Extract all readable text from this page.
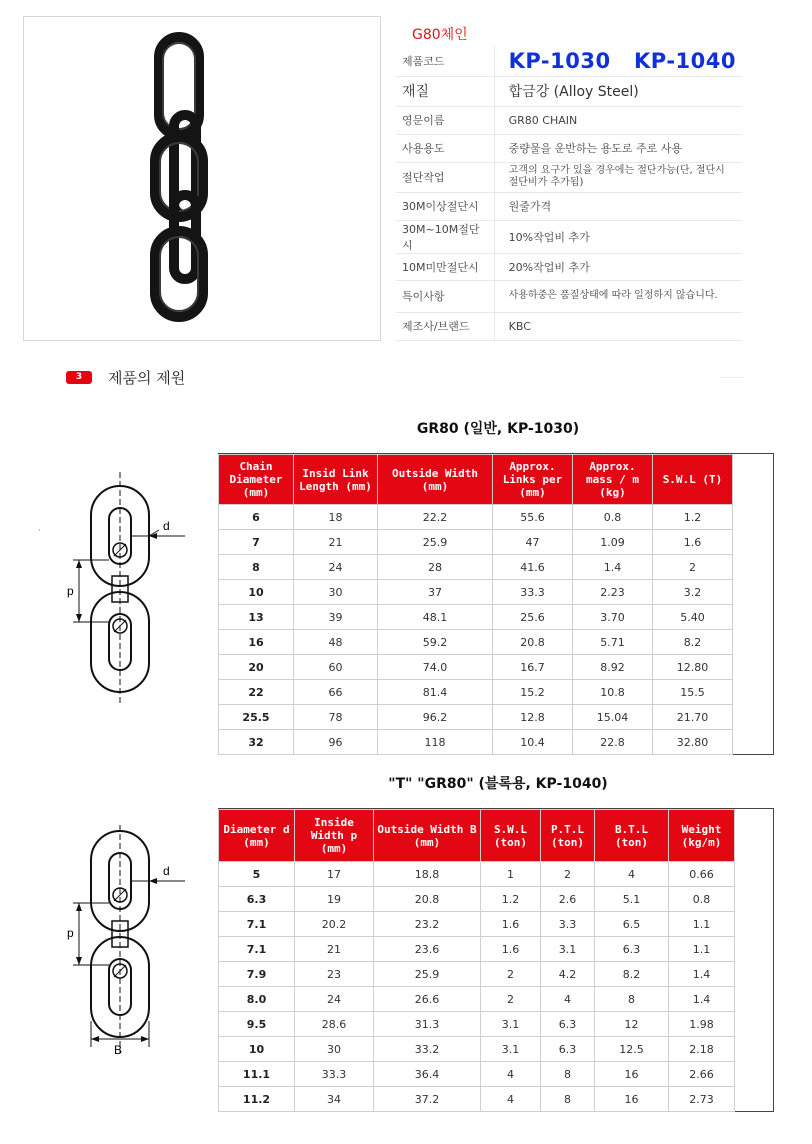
G80체인
제품코드	KP-1030   KP-1040
재질	합금강 (Alloy Steel)
영문이름	GR80 CHAIN
사용용도	중량물을 운반하는 용도로 주로 사용
절단작업	고객의 요구가 있을 경우에는 절단가능(단, 절단시 절단비가 추가됨)
30M이상절단시	원줄가격
30M~10M절단시	10%작업비 추가
10M미만절단시	20%작업비 추가
특이사항	사용하중은 품질상태에 따라 일정하지 않습니다.
제조사/브랜드	KBC
3	제품의 제원
·
GR80 (일반, KP-1030)
Chain Diameter (mm)	Insid Link Length (mm)	Outside Width (mm)	Approx. Links per (mm)	Approx. mass / m (kg)	S.W.L (T)
6	18	22.2	55.6	0.8	1.2
7	21	25.9	47	1.09	1.6
8	24	28	41.6	1.4	2
10	30	37	33.3	2.23	3.2
13	39	48.1	25.6	3.70	5.40
16	48	59.2	20.8	5.71	8.2
20	60	74.0	16.7	8.92	12.80
22	66	81.4	15.2	10.8	15.5
25.5	78	96.2	12.8	15.04	21.70
32	96	118	10.4	22.8	32.80
"T" "GR80" (블록용, KP-1040)
Diameter d (mm)	Inside Width p (mm)	Outside Width B (mm)	S.W.L (ton)	P.T.L (ton)	B.T.L (ton)	Weight (kg/m)
5	17	18.8	1	2	4	0.66
6.3	19	20.8	1.2	2.6	5.1	0.8
7.1	20.2	23.2	1.6	3.3	6.5	1.1
7.1	21	23.6	1.6	3.1	6.3	1.1
7.9	23	25.9	2	4.2	8.2	1.4
8.0	24	26.6	2	4	8	1.4
9.5	28.6	31.3	3.1	6.3	12	1.98
10	30	33.2	3.1	6.3	12.5	2.18
11.1	33.3	36.4	4	8	16	2.66
11.2	34	37.2	4	8	16	2.73
d
p
d
p
B
